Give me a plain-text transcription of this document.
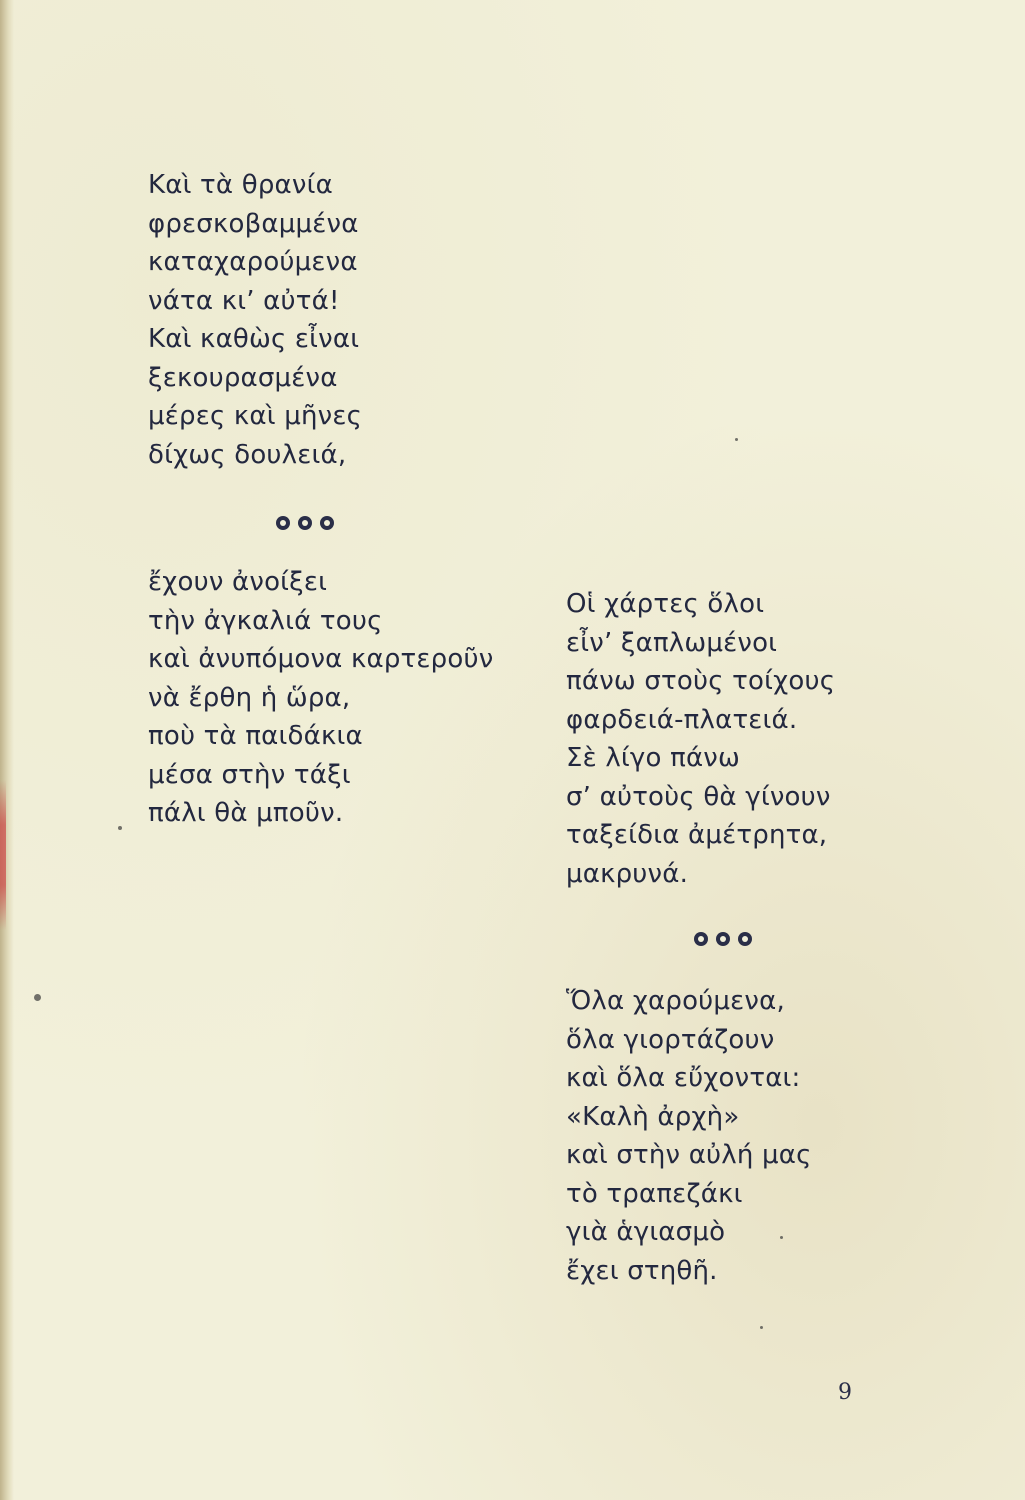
Καὶ τὰ θρανία
φρεσκοβαμμένα
καταχαρούμενα
νάτα κι’ αὐτά!
Καὶ καθὼς εἶναι
ξεκουρασμένα
μέρες καὶ μῆνες
δίχως δουλειά,
ἔχουν ἀνοίξει
τὴν ἀγκαλιά τους
καὶ ἀνυπόμονα καρτεροῦν
νὰ ἔρθη ἡ ὥρα,
ποὺ τὰ παιδάκια
μέσα στὴν τάξι
πάλι θὰ μποῦν.
Οἱ χάρτες ὅλοι
εἶν’ ξαπλωμένοι
πάνω στοὺς τοίχους
φαρδειά-πλατειά.
Σὲ λίγο πάνω
σ’ αὐτοὺς θὰ γίνουν
ταξείδια ἀμέτρητα,
μακρυνά.
Ὅλα χαρούμενα,
ὅλα γιορτάζουν
καὶ ὅλα εὔχονται:
«Καλὴ ἀρχὴ»
καὶ στὴν αὐλή μας
τὸ τραπεζάκι
γιὰ ἁγιασμὸ
ἔχει στηθῆ.
9
